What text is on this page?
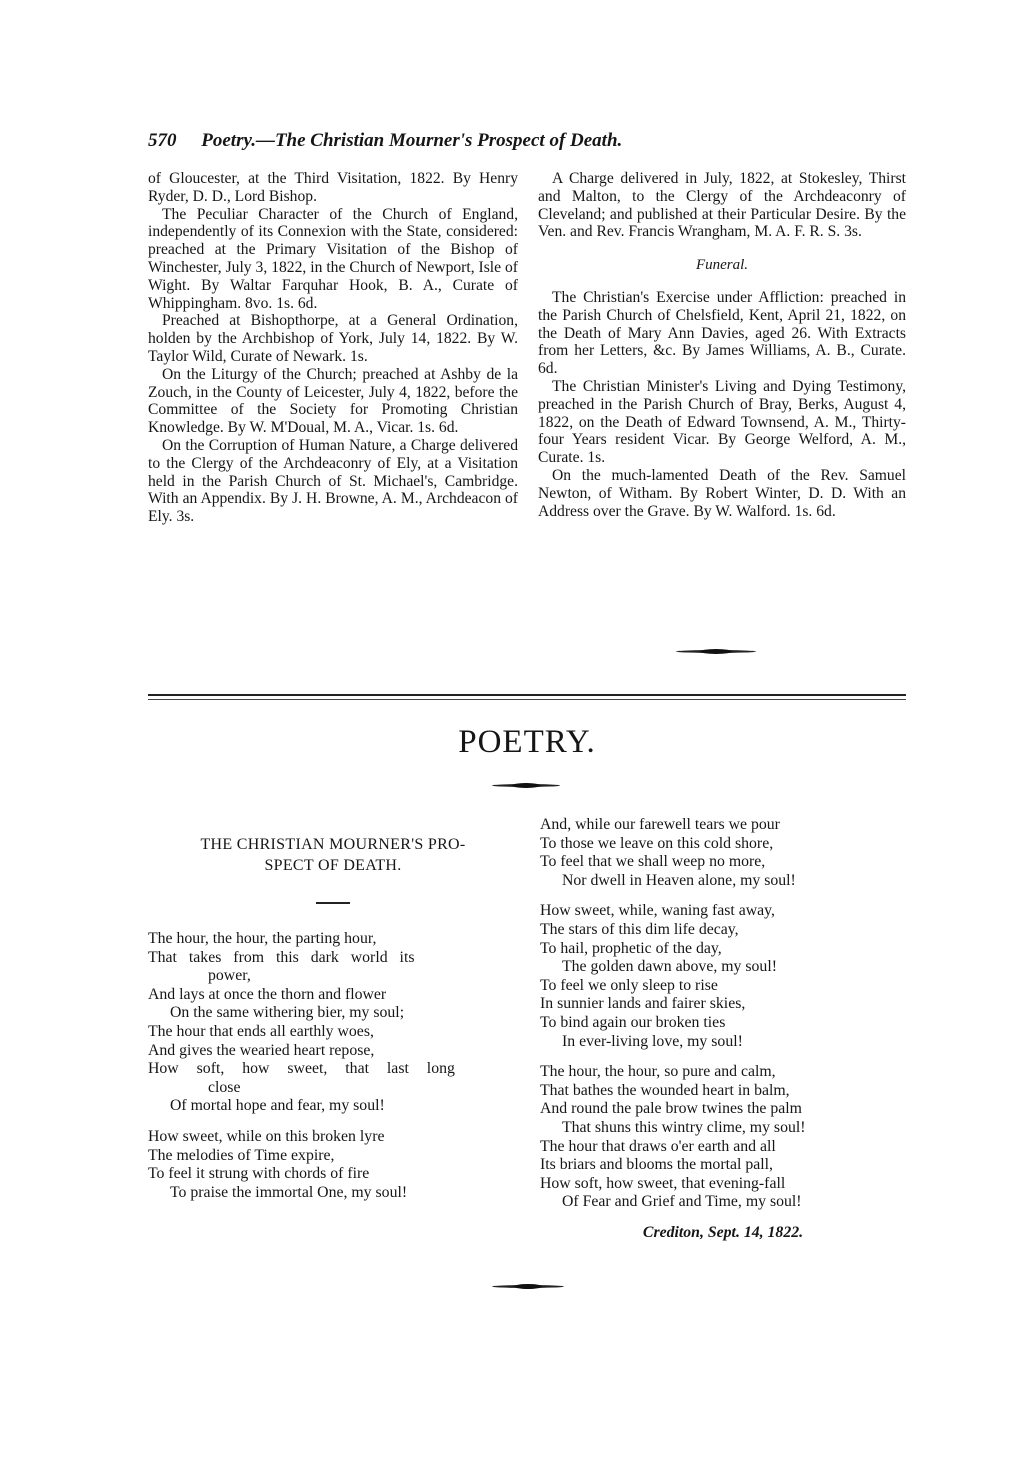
570 Poetry.—The Christian Mourner's Prospect of Death.

of Gloucester, at the Third Visitation, 1822. By Henry Ryder, D. D., Lord Bishop.

The Peculiar Character of the Church of England, independently of its Connexion with the State, considered: preached at the Primary Visitation of the Bishop of Winchester, July 3, 1822, in the Church of Newport, Isle of Wight. By Waltar Farquhar Hook, B. A., Curate of Whippingham. 8vo. 1s. 6d.

Preached at Bishopthorpe, at a General Ordination, holden by the Archbishop of York, July 14, 1822. By W. Taylor Wild, Curate of Newark. 1s.

On the Liturgy of the Church; preached at Ashby de la Zouch, in the County of Leicester, July 4, 1822, before the Committee of the Society for Promoting Christian Knowledge. By W. M'Doual, M. A., Vicar. 1s. 6d.

On the Corruption of Human Nature, a Charge delivered to the Clergy of the Archdeaconry of Ely, at a Visitation held in the Parish Church of St. Michael's, Cambridge. With an Appendix. By J. H. Browne, A. M., Archdeacon of Ely. 3s.

A Charge delivered in July, 1822, at Stokesley, Thirst and Malton, to the Clergy of the Archdeaconry of Cleveland; and published at their Particular Desire. By the Ven. and Rev. Francis Wrangham, M. A. F. R. S. 3s.

Funeral.

The Christian's Exercise under Affliction: preached in the Parish Church of Chelsfield, Kent, April 21, 1822, on the Death of Mary Ann Davies, aged 26. With Extracts from her Letters, &c. By James Williams, A. B., Curate. 6d.

The Christian Minister's Living and Dying Testimony, preached in the Parish Church of Bray, Berks, August 4, 1822, on the Death of Edward Townsend, A. M., Thirty-four Years resident Vicar. By George Welford, A. M., Curate. 1s.

On the much-lamented Death of the Rev. Samuel Newton, of Witham. By Robert Winter, D. D. With an Address over the Grave. By W. Walford. 1s. 6d.

POETRY.
THE CHRISTIAN MOURNER'S PRO-
SPECT OF DEATH.
The hour, the hour, the parting hour,
That takes from this dark world its
power,
And lays at once the thorn and flower
On the same withering bier, my soul;
The hour that ends all earthly woes,
And gives the wearied heart repose,
How soft, how sweet, that last long
close
Of mortal hope and fear, my soul!
How sweet, while on this broken lyre
The melodies of Time expire,
To feel it strung with chords of fire
To praise the immortal One, my soul!
And, while our farewell tears we pour
To those we leave on this cold shore,
To feel that we shall weep no more,
Nor dwell in Heaven alone, my soul!
How sweet, while, waning fast away,
The stars of this dim life decay,
To hail, prophetic of the day,
The golden dawn above, my soul!
To feel we only sleep to rise
In sunnier lands and fairer skies,
To bind again our broken ties
In ever-living love, my soul!
The hour, the hour, so pure and calm,
That bathes the wounded heart in balm,
And round the pale brow twines the palm
That shuns this wintry clime, my soul!
The hour that draws o'er earth and all
Its briars and blooms the mortal pall,
How soft, how sweet, that evening-fall
Of Fear and Grief and Time, my soul!
Crediton, Sept. 14, 1822.
